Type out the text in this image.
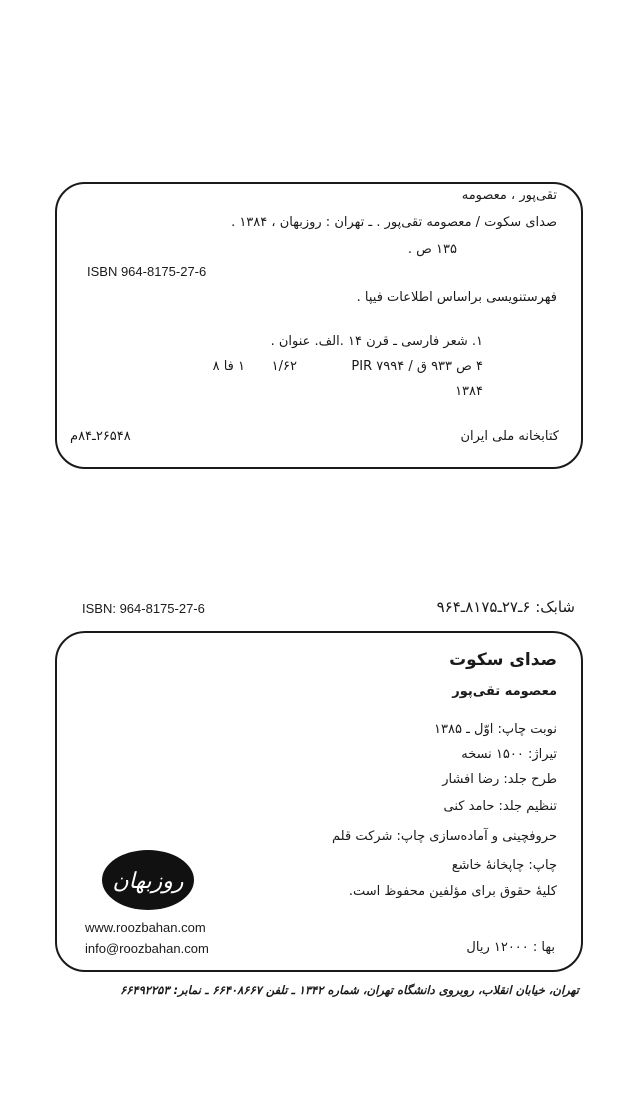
تقی‌پور ، معصومه
صدای سکوت / معصومه تقی‌پور . ـ تهران : روزبهان ، ۱۳۸۴ .
۱۳۵ ص .
ISBN 964-8175-27-6
فهرستنویسی براساس اطلاعات فیپا .
۱. شعر فارسی ـ قرن ۱۴ .الف. عنوان .
۴ ص ۹۳۳ ق / PIR ۷۹۹۴
۱/۶۲
۱ فا ۸
۱۳۸۴
کتابخانه ملی ایران
۲۶۵۴۸ـ۸۴م
ISBN: 964-8175-27-6	شابک: ۶ـ۲۷ـ۸۱۷۵ـ۹۶۴
صدای سکوت
معصومه تقی‌پور
نوبت چاپ: اوّل ـ ۱۳۸۵
تیراژ: ۱۵۰۰ نسخه
طرح جلد: رضا افشار
تنظیم جلد: حامد کنی
حروفچینی و آماده‌سازی چاپ: شرکت قلم
چاپ: چاپخانهٔ خاشع
کلیهٔ حقوق برای مؤلفین محفوظ است.
بها : ۱۲۰۰۰ ریال
روزبهان
www.roozbahan.com
info@roozbahan.com
تهران، خیابان انقلاب، روبروی دانشگاه تهران، شماره ۱۳۴۲ ـ تلفن ۶۶۴۰۸۶۶۷ ـ نمابر: ۶۶۴۹۲۲۵۳
